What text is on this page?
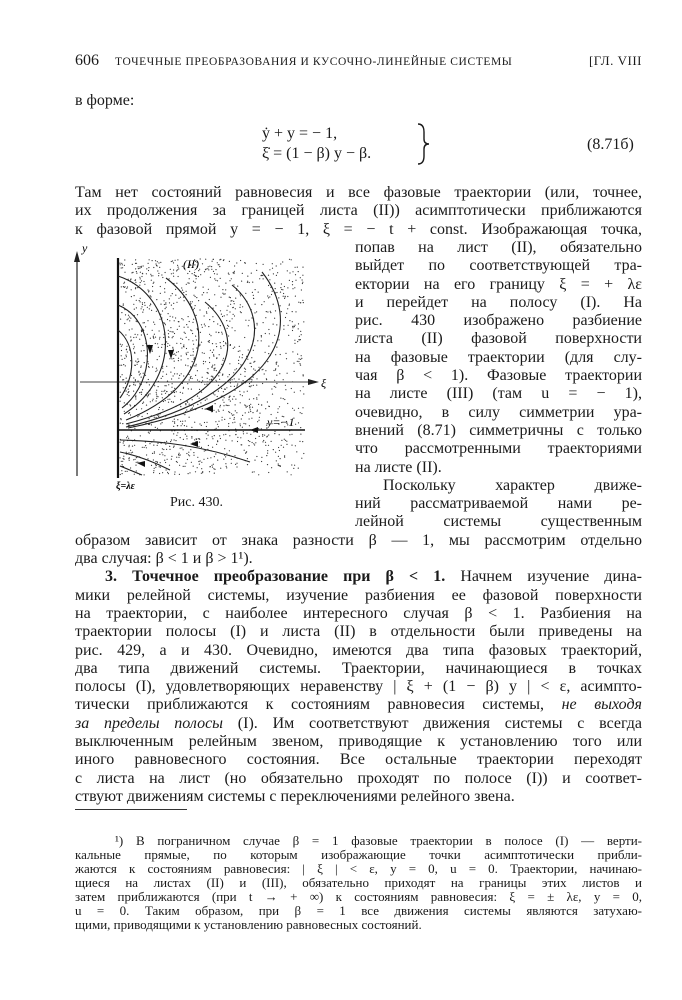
606 ТОЧЕЧНЫЕ ПРЕОБРАЗОВАНИЯ И КУСОЧНО-ЛИНЕЙНЫЕ СИСТЕМЫ	[ГЛ. VIII
в форме:
ẏ + y = − 1,
ξ̇ = (1 − β) y − β.
(8.71б)
Там нет состояний равновесия и все фазовые траектории (или, точнее,
их продолжения за границей листа (II)) асимптотически приближаются
к фазовой прямой y = − 1, ξ = − t + const. Изображающая точка,
попав на лист (II), обязательно
выйдет по соответствующей тра-
ектории на его границу ξ = + λε
и перейдет на полосу (I). На
рис. 430 изображено разбиение
листа (II) фазовой поверхности
на фазовые траектории (для слу-
чая β < 1). Фазовые траектории
на листе (III) (там u = − 1),
очевидно, в силу симметрии ура-
внений (8.71) симметричны с только
что рассмотренными траекториями
на листе (II).
Поскольку характер движе-
ний рассматриваемой нами ре-
лейной системы существенным
образом зависит от знака разности β — 1, мы рассмотрим отдельно
два случая: β < 1 и β > 1¹).
3. Точечное преобразование при β < 1. Начнем изучение дина-
мики релейной системы, изучение разбиения ее фазовой поверхности
на траектории, с наиболее интересного случая β < 1. Разбиения на
траектории полосы (I) и листа (II) в отдельности были приведены на
рис. 429, а и 430. Очевидно, имеются два типа фазовых траекторий,
два типа движений системы. Траектории, начинающиеся в точках
полосы (I), удовлетворяющих неравенству | ξ + (1 − β) y | < ε, асимпто-
тически приближаются к состояниям равновесия системы, не выходя
за пределы полосы (I). Им соответствуют движения системы с всегда
выключенным релейным звеном, приводящие к установлению того или
иного равновесного состояния. Все остальные траектории переходят
с листа на лист (но обязательно проходят по полосе (I)) и соответ-
ствуют движениям системы с переключениями релейного звена.
¹) В пограничном случае β = 1 фазовые траектории в полосе (I) — верти-
кальные прямые, по которым изображающие точки асимптотически прибли-
жаются к состояниям равновесия: | ξ | < ε, y = 0, u = 0. Траектории, начинаю-
щиеся на листах (II) и (III), обязательно приходят на границы этих листов и
затем приближаются (при t → + ∞) к состояниям равновесия: ξ = ± λε, y = 0,
u = 0. Таким образом, при β = 1 все движения системы являются затухаю-
щими, приводящими к установлению равновесных состояний.
y
ξ
(II)
y=−1
ξ=λε
Рис. 430.
